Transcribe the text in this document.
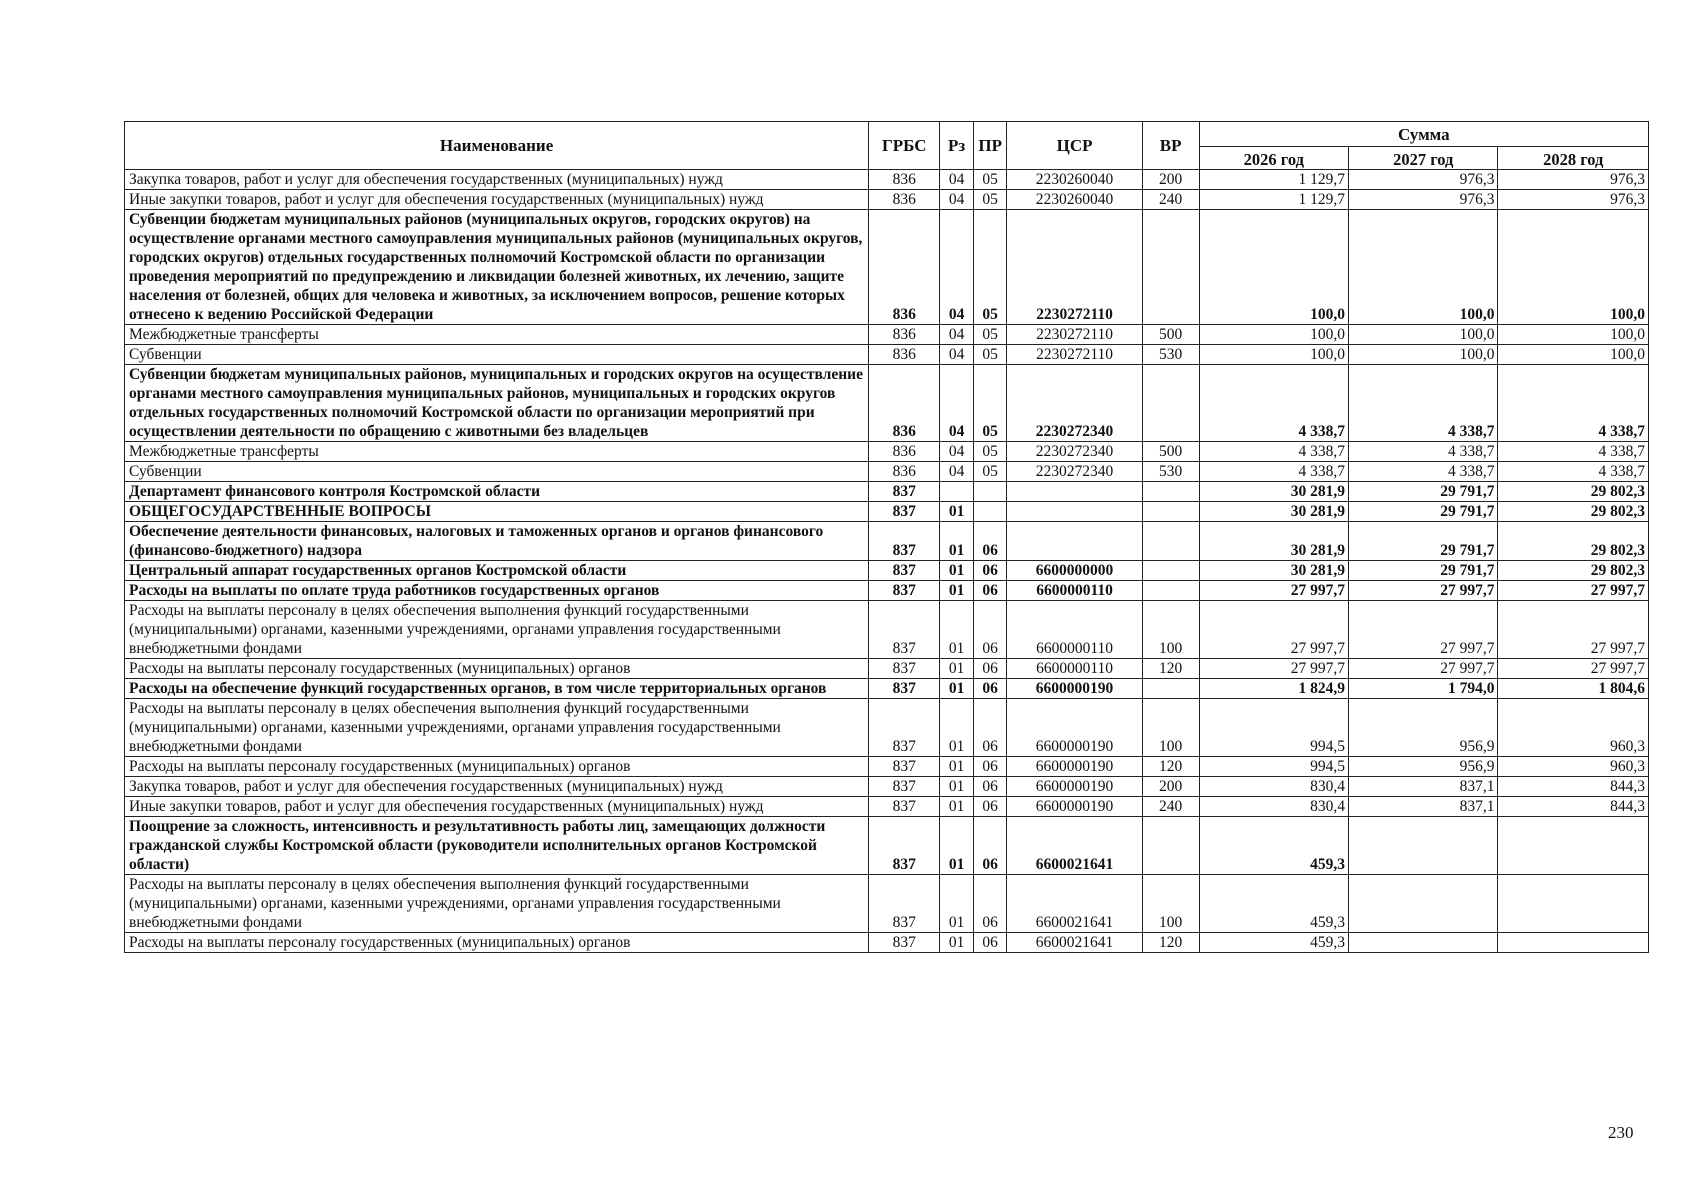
Наименование	ГРБС	Рз	ПР	ЦСР	ВР	Сумма		
						2026 год	2027 год	2028 год
Закупка товаров, работ и услуг для обеспечения государственных (муниципальных) нужд	836	04	05	2230260040	200	1 129,7	976,3	976,3
Иные закупки товаров, работ и услуг для обеспечения государственных (муниципальных) нужд	836	04	05	2230260040	240	1 129,7	976,3	976,3
Субвенции бюджетам муниципальных районов (муниципальных округов, городских округов) на осуществление органами местного самоуправления муниципальных районов (муниципальных округов, городских округов) отдельных государственных полномочий Костромской области по организации проведения мероприятий по предупреждению и ликвидации болезней животных, их лечению, защите населения от болезней, общих для человека и животных, за исключением вопросов, решение которых отнесено к ведению Российской Федерации	836	04	05	2230272110		100,0	100,0	100,0
Межбюджетные трансферты	836	04	05	2230272110	500	100,0	100,0	100,0
Субвенции	836	04	05	2230272110	530	100,0	100,0	100,0
Субвенции бюджетам муниципальных районов, муниципальных и городских округов на осуществление органами местного самоуправления муниципальных районов, муниципальных и городских округов отдельных государственных полномочий Костромской области по организации мероприятий при осуществлении деятельности по обращению с животными без владельцев	836	04	05	2230272340		4 338,7	4 338,7	4 338,7
Межбюджетные трансферты	836	04	05	2230272340	500	4 338,7	4 338,7	4 338,7
Субвенции	836	04	05	2230272340	530	4 338,7	4 338,7	4 338,7
Департамент финансового контроля Костромской области	837					30 281,9	29 791,7	29 802,3
ОБЩЕГОСУДАРСТВЕННЫЕ ВОПРОСЫ	837	01				30 281,9	29 791,7	29 802,3
Обеспечение деятельности финансовых, налоговых и таможенных органов и органов финансового (финансово-бюджетного) надзора	837	01	06			30 281,9	29 791,7	29 802,3
Центральный аппарат государственных органов Костромской области	837	01	06	6600000000		30 281,9	29 791,7	29 802,3
Расходы на выплаты по оплате труда работников государственных органов	837	01	06	6600000110		27 997,7	27 997,7	27 997,7
Расходы на выплаты персоналу в целях обеспечения выполнения функций государственными (муниципальными) органами, казенными учреждениями, органами управления государственными внебюджетными фондами	837	01	06	6600000110	100	27 997,7	27 997,7	27 997,7
Расходы на выплаты персоналу государственных (муниципальных) органов	837	01	06	6600000110	120	27 997,7	27 997,7	27 997,7
Расходы на обеспечение функций государственных органов, в том числе территориальных органов	837	01	06	6600000190		1 824,9	1 794,0	1 804,6
Расходы на выплаты персоналу в целях обеспечения выполнения функций государственными (муниципальными) органами, казенными учреждениями, органами управления государственными внебюджетными фондами	837	01	06	6600000190	100	994,5	956,9	960,3
Расходы на выплаты персоналу государственных (муниципальных) органов	837	01	06	6600000190	120	994,5	956,9	960,3
Закупка товаров, работ и услуг для обеспечения государственных (муниципальных) нужд	837	01	06	6600000190	200	830,4	837,1	844,3
Иные закупки товаров, работ и услуг для обеспечения государственных (муниципальных) нужд	837	01	06	6600000190	240	830,4	837,1	844,3
Поощрение за сложность, интенсивность и результативность работы лиц, замещающих должности гражданской службы Костромской области (руководители исполнительных органов Костромской области)	837	01	06	6600021641		459,3		
Расходы на выплаты персоналу в целях обеспечения выполнения функций государственными (муниципальными) органами, казенными учреждениями, органами управления государственными внебюджетными фондами	837	01	06	6600021641	100	459,3		
Расходы на выплаты персоналу государственных (муниципальных) органов	837	01	06	6600021641	120	459,3		
230
